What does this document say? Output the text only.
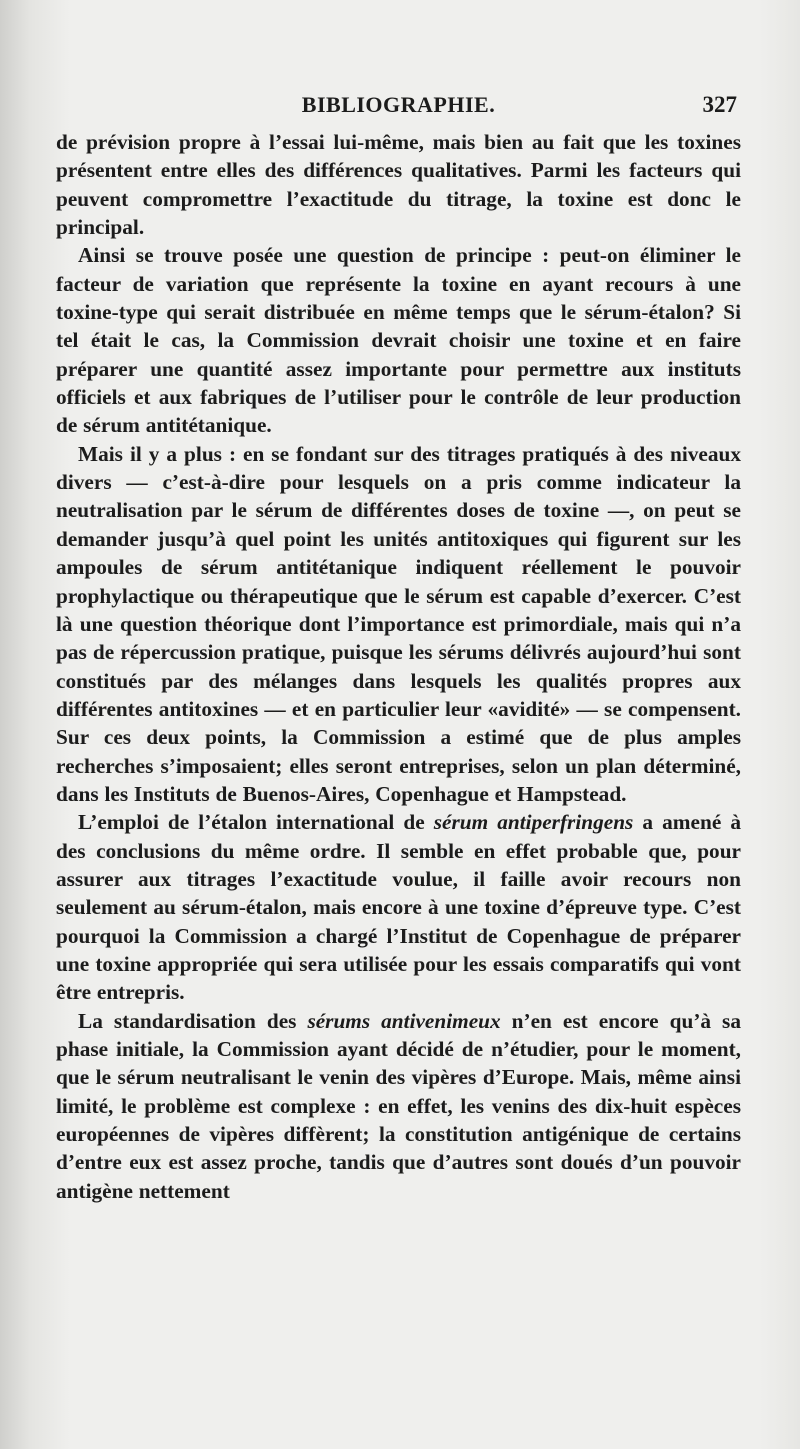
BIBLIOGRAPHIE.	327

de prévision propre à l’essai lui-même, mais bien au fait que les toxines présentent entre elles des différences qualitatives. Parmi les facteurs qui peuvent compromettre l’exactitude du titrage, la toxine est donc le principal.

Ainsi se trouve posée une question de principe : peut-on éliminer le facteur de variation que représente la toxine en ayant recours à une toxine-type qui serait distribuée en même temps que le sérum-étalon? Si tel était le cas, la Commission devrait choisir une toxine et en faire préparer une quantité assez importante pour permettre aux instituts officiels et aux fabriques de l’utiliser pour le contrôle de leur production de sérum antitétanique.

Mais il y a plus : en se fondant sur des titrages pratiqués à des niveaux divers — c’est-à-dire pour lesquels on a pris comme indicateur la neutralisation par le sérum de différentes doses de toxine —, on peut se demander jusqu’à quel point les unités antitoxiques qui figurent sur les ampoules de sérum antitétanique indiquent réellement le pouvoir prophylactique ou thérapeutique que le sérum est capable d’exercer. C’est là une question théorique dont l’importance est primordiale, mais qui n’a pas de répercussion pratique, puisque les sérums délivrés aujourd’hui sont constitués par des mélanges dans lesquels les qualités propres aux différentes antitoxines — et en particulier leur «avidité» — se compensent. Sur ces deux points, la Commission a estimé que de plus amples recherches s’imposaient; elles seront entreprises, selon un plan déterminé, dans les Instituts de Buenos-Aires, Copenhague et Hampstead.

L’emploi de l’étalon international de sérum antiperfringens a amené à des conclusions du même ordre. Il semble en effet probable que, pour assurer aux titrages l’exactitude voulue, il faille avoir recours non seulement au sérum-étalon, mais encore à une toxine d’épreuve type. C’est pourquoi la Commission a chargé l’Institut de Copenhague de préparer une toxine appropriée qui sera utilisée pour les essais comparatifs qui vont être entrepris.

La standardisation des sérums antivenimeux n’en est encore qu’à sa phase initiale, la Commission ayant décidé de n’étudier, pour le moment, que le sérum neutralisant le venin des vipères d’Europe. Mais, même ainsi limité, le problème est complexe : en effet, les venins des dix-huit espèces européennes de vipères diffèrent; la constitution antigénique de certains d’entre eux est assez proche, tandis que d’autres sont doués d’un pouvoir antigène nettement
